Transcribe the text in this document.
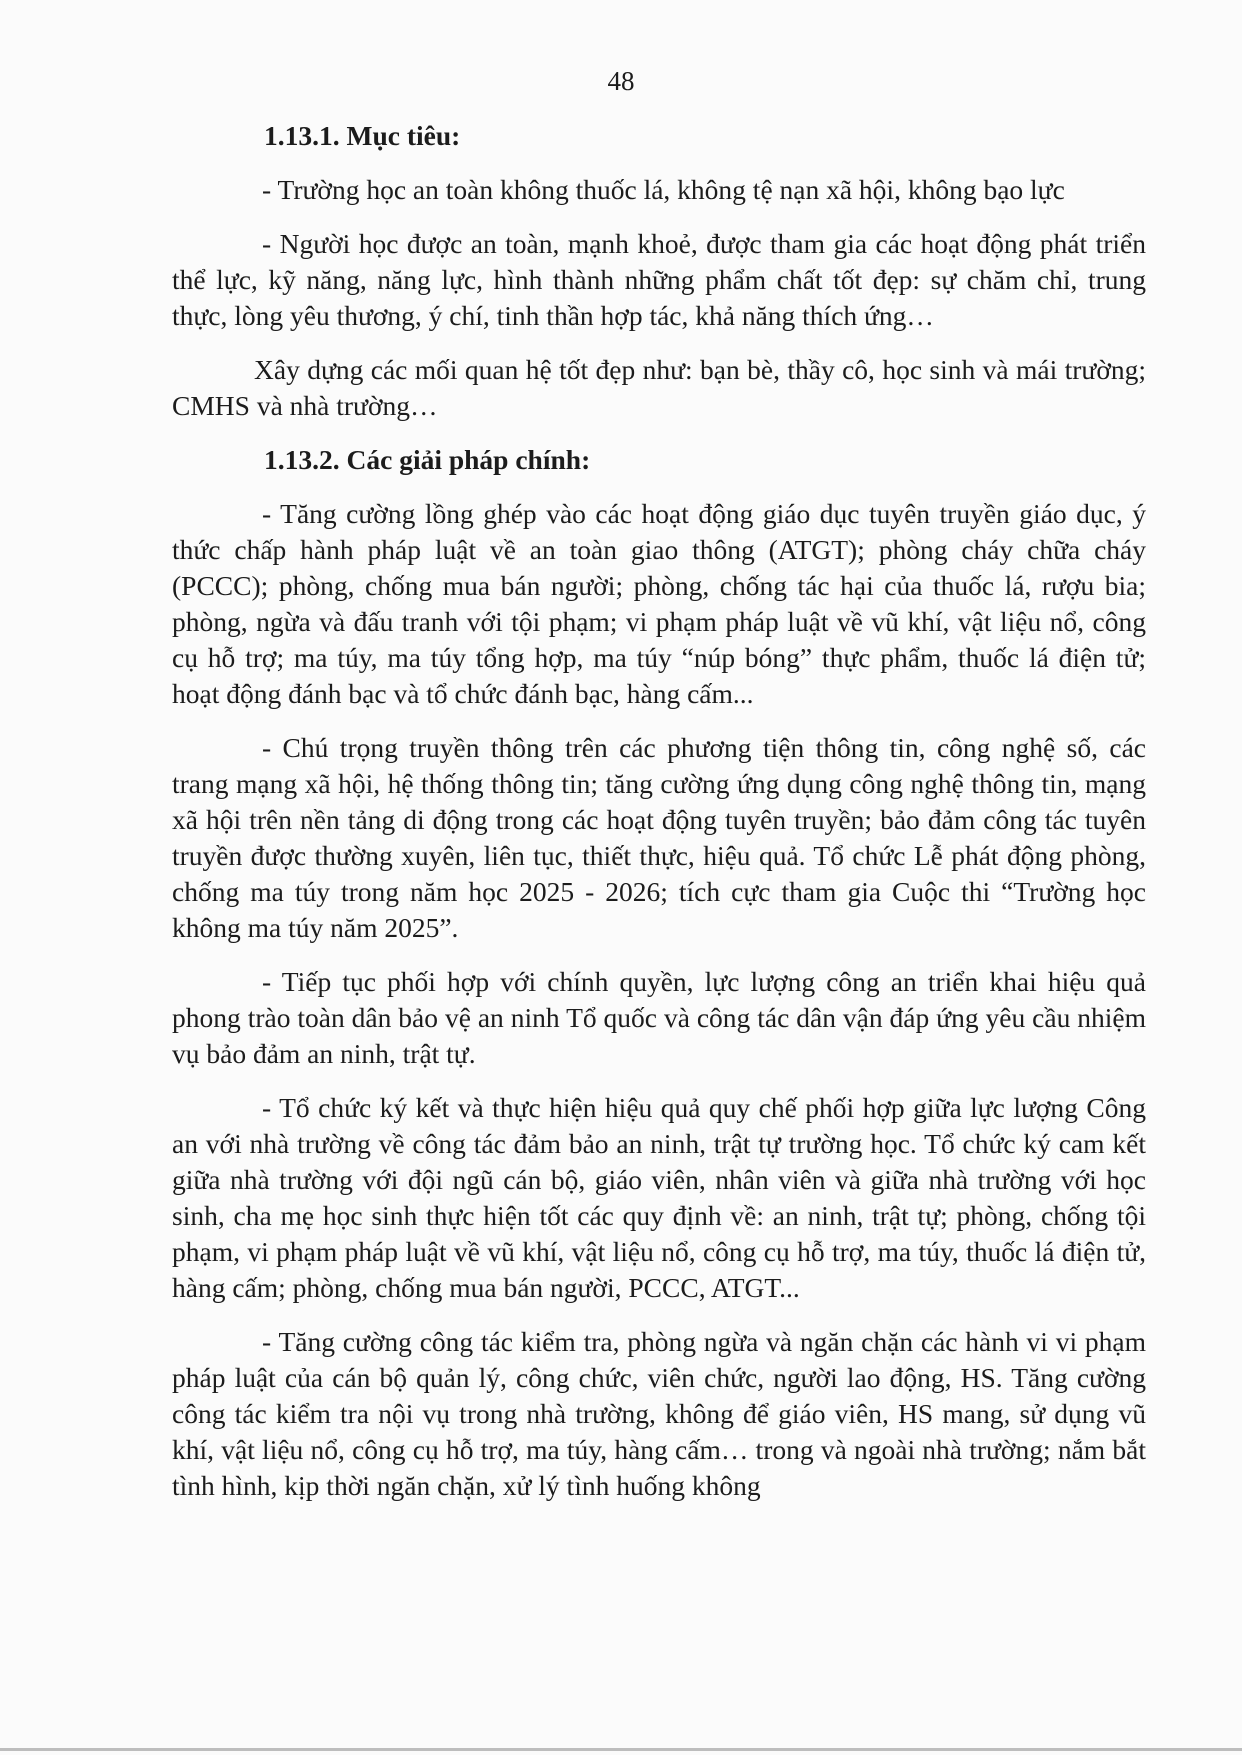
48
1.13.1. Mục tiêu:

- Trường học an toàn không thuốc lá, không tệ nạn xã hội, không bạo lực

- Người học được an toàn, mạnh khoẻ, được tham gia các hoạt động phát triển thể lực, kỹ năng, năng lực, hình thành những phẩm chất tốt đẹp: sự chăm chỉ, trung thực, lòng yêu thương, ý chí, tinh thần hợp tác, khả năng thích ứng…

Xây dựng các mối quan hệ tốt đẹp như: bạn bè, thầy cô, học sinh và mái trường; CMHS và nhà trường…

1.13.2. Các giải pháp chính:

- Tăng cường lồng ghép vào các hoạt động giáo dục tuyên truyền giáo dục, ý thức chấp hành pháp luật về an toàn giao thông (ATGT); phòng cháy chữa cháy (PCCC); phòng, chống mua bán người; phòng, chống tác hại của thuốc lá, rượu bia; phòng, ngừa và đấu tranh với tội phạm; vi phạm pháp luật về vũ khí, vật liệu nổ, công cụ hỗ trợ; ma túy, ma túy tổng hợp, ma túy “núp bóng” thực phẩm, thuốc lá điện tử; hoạt động đánh bạc và tổ chức đánh bạc, hàng cấm...

- Chú trọng truyền thông trên các phương tiện thông tin, công nghệ số, các trang mạng xã hội, hệ thống thông tin; tăng cường ứng dụng công nghệ thông tin, mạng xã hội trên nền tảng di động trong các hoạt động tuyên truyền; bảo đảm công tác tuyên truyền được thường xuyên, liên tục, thiết thực, hiệu quả. Tổ chức Lễ phát động phòng, chống ma túy trong năm học 2025 - 2026; tích cực tham gia Cuộc thi “Trường học không ma túy năm 2025”.

- Tiếp tục phối hợp với chính quyền, lực lượng công an triển khai hiệu quả phong trào toàn dân bảo vệ an ninh Tổ quốc và công tác dân vận đáp ứng yêu cầu nhiệm vụ bảo đảm an ninh, trật tự.

- Tổ chức ký kết và thực hiện hiệu quả quy chế phối hợp giữa lực lượng Công an với nhà trường về công tác đảm bảo an ninh, trật tự trường học. Tổ chức ký cam kết giữa nhà trường với đội ngũ cán bộ, giáo viên, nhân viên và giữa nhà trường với học sinh, cha mẹ học sinh thực hiện tốt các quy định về: an ninh, trật tự; phòng, chống tội phạm, vi phạm pháp luật về vũ khí, vật liệu nổ, công cụ hỗ trợ, ma túy, thuốc lá điện tử, hàng cấm; phòng, chống mua bán người, PCCC, ATGT...

- Tăng cường công tác kiểm tra, phòng ngừa và ngăn chặn các hành vi vi phạm pháp luật của cán bộ quản lý, công chức, viên chức, người lao động, HS. Tăng cường công tác kiểm tra nội vụ trong nhà trường, không để giáo viên, HS mang, sử dụng vũ khí, vật liệu nổ, công cụ hỗ trợ, ma túy, hàng cấm… trong và ngoài nhà trường; nắm bắt tình hình, kịp thời ngăn chặn, xử lý tình huống không
